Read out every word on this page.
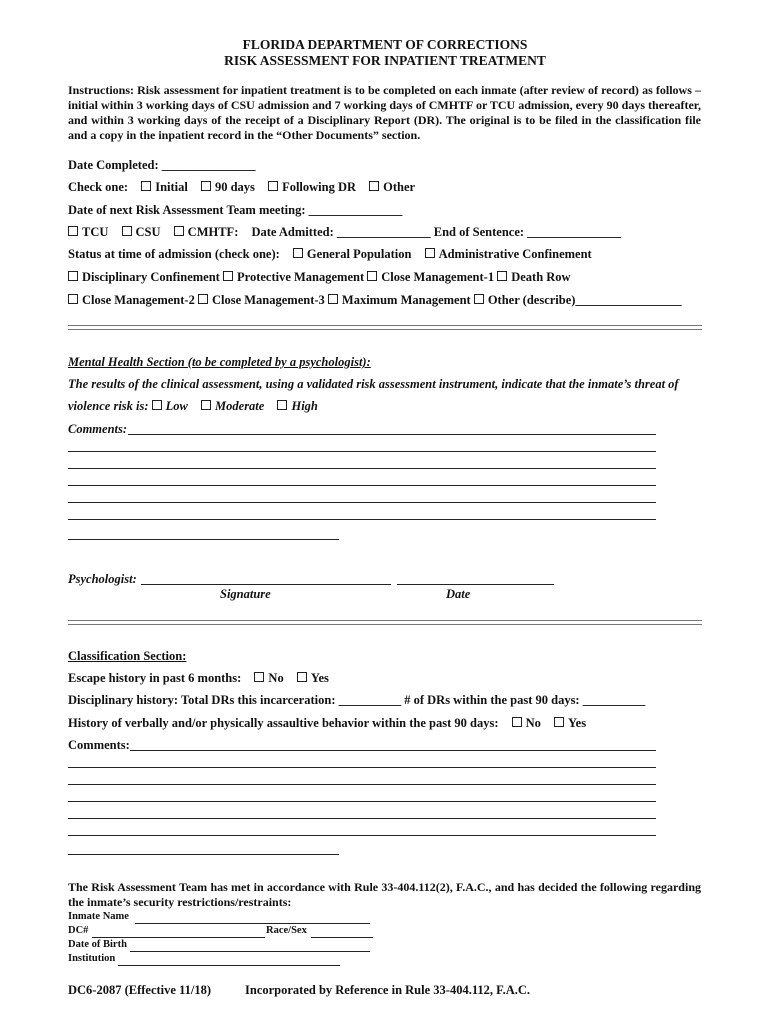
FLORIDA DEPARTMENT OF CORRECTIONS
RISK ASSESSMENT FOR INPATIENT TREATMENT
Instructions: Risk assessment for inpatient treatment is to be completed on each inmate (after review of record) as follows – initial within 3 working days of CSU admission and 7 working days of CMHTF or TCU admission, every 90 days thereafter, and within 3 working days of the receipt of a Disciplinary Report (DR). The original is to be filed in the classification file and a copy in the inpatient record in the “Other Documents” section.
Date Completed: _______________
Check one: Initial 90 days Following DR Other
Date of next Risk Assessment Team meeting: _______________
TCU CSU CMHTF: Date Admitted: _______________ End of Sentence: _______________
Status at time of admission (check one): General Population Administrative Confinement
Disciplinary Confinement Protective Management Close Management-1 Death Row
Close Management-2 Close Management-3 Maximum Management Other (describe)_________________
Mental Health Section (to be completed by a psychologist):
The results of the clinical assessment, using a validated risk assessment instrument, indicate that the inmate’s threat of
violence risk is: Low Moderate High
Comments:
Psychologist:
Signature	Date
Classification Section:
Escape history in past 6 months: No Yes
Disciplinary history: Total DRs this incarceration: __________ # of DRs within the past 90 days: __________
History of verbally and/or physically assaultive behavior within the past 90 days: No Yes
Comments:
The Risk Assessment Team has met in accordance with Rule 33-404.112(2), F.A.C., and has decided the following regarding the inmate’s security restrictions/restraints:
Inmate Name
DC#	Race/Sex
Date of Birth
Institution
DC6-2087 (Effective 11/18)	Incorporated by Reference in Rule 33-404.112, F.A.C.
